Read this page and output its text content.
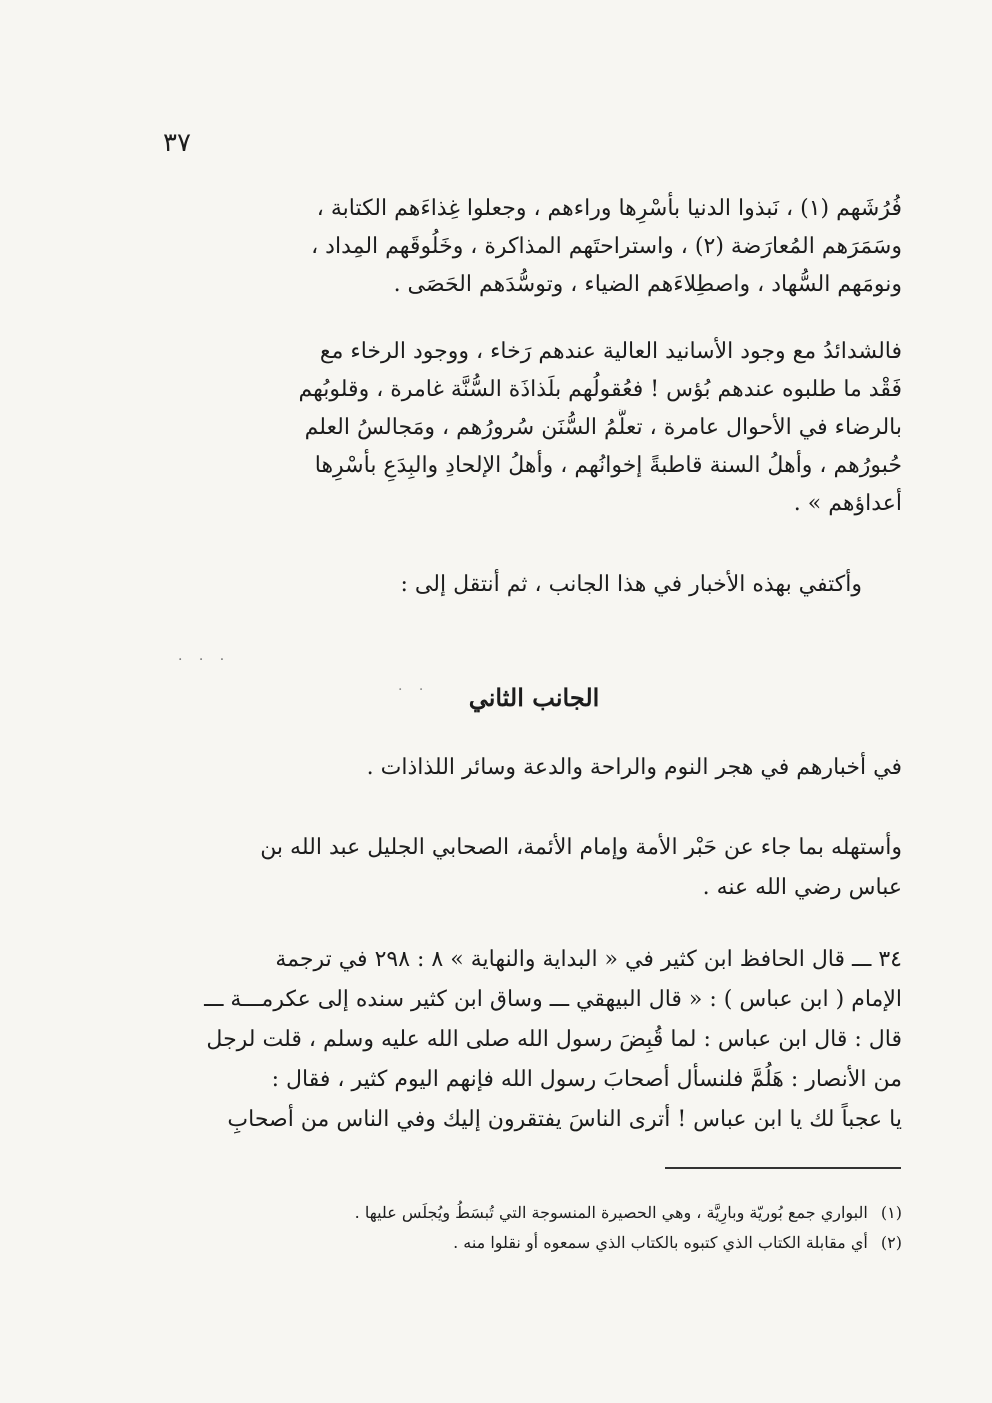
٣٧
فُرُشَهم (١) ، نَبذوا الدنيا بأسْرِها وراءهم ، وجعلوا غِذاءَهم الكتابة ،
وسَمَرَهم المُعارَضة (٢) ، واستراحتَهم المذاكرة ، وخَلُوقَهم المِداد ،
ونومَهم السُّهاد ، واصطِلاءَهم الضياء ، وتوسُّدَهم الحَصَى .
فالشدائدُ مع وجود الأسانيد العالية عندهم رَخاء ، ووجود الرخاء مع
فَقْد ما طلبوه عندهم بُؤس ! فعُقولُهم بلَذاذَة السُّنَّة غامرة ، وقلوبُهم
بالرضاء في الأحوال عامرة ، تعلُّمُ السُّنَن سُرورُهم ، ومَجالسُ العلم
حُبورُهم ، وأهلُ السنة قاطبةً إخوانُهم ، وأهلُ الإلحادِ والبِدَعِ بأسْرِها
أعداؤهم » .
وأكتفي بهذه الأخبار في هذا الجانب ، ثم أنتقل إلى :
· · ·
· ·	الجانب الثاني
في أخبارهم في هجر النوم والراحة والدعة وسائر اللذاذات .
وأستهله بما جاء عن حَبْر الأمة وإمام الأئمة، الصحابي الجليل عبد الله بن
عباس رضي الله عنه .
٣٤ ـــ قال الحافظ ابن كثير في « البداية والنهاية » ٨ : ٢٩٨ في ترجمة
الإمام ( ابن عباس ) : « قال البيهقي ـــ وساق ابن كثير سنده إلى عكرمـــة ـــ
قال : قال ابن عباس : لما قُبِضَ رسول الله صلى الله عليه وسلم ، قلت لرجل
من الأنصار : هَلُمَّ فلنسأل أصحابَ رسول الله فإنهم اليوم كثير ، فقال :
يا عجباً لك يا ابن عباس ! أترى الناسَ يفتقرون إليك وفي الناس من أصحابِ
(١) البواري جمع بُوريّة وبارِيَّة ، وهي الحصيرة المنسوجة التي تُبسَطُ ويُجلَس عليها .
(٢) أي مقابلة الكتاب الذي كتبوه بالكتاب الذي سمعوه أو نقلوا منه .
